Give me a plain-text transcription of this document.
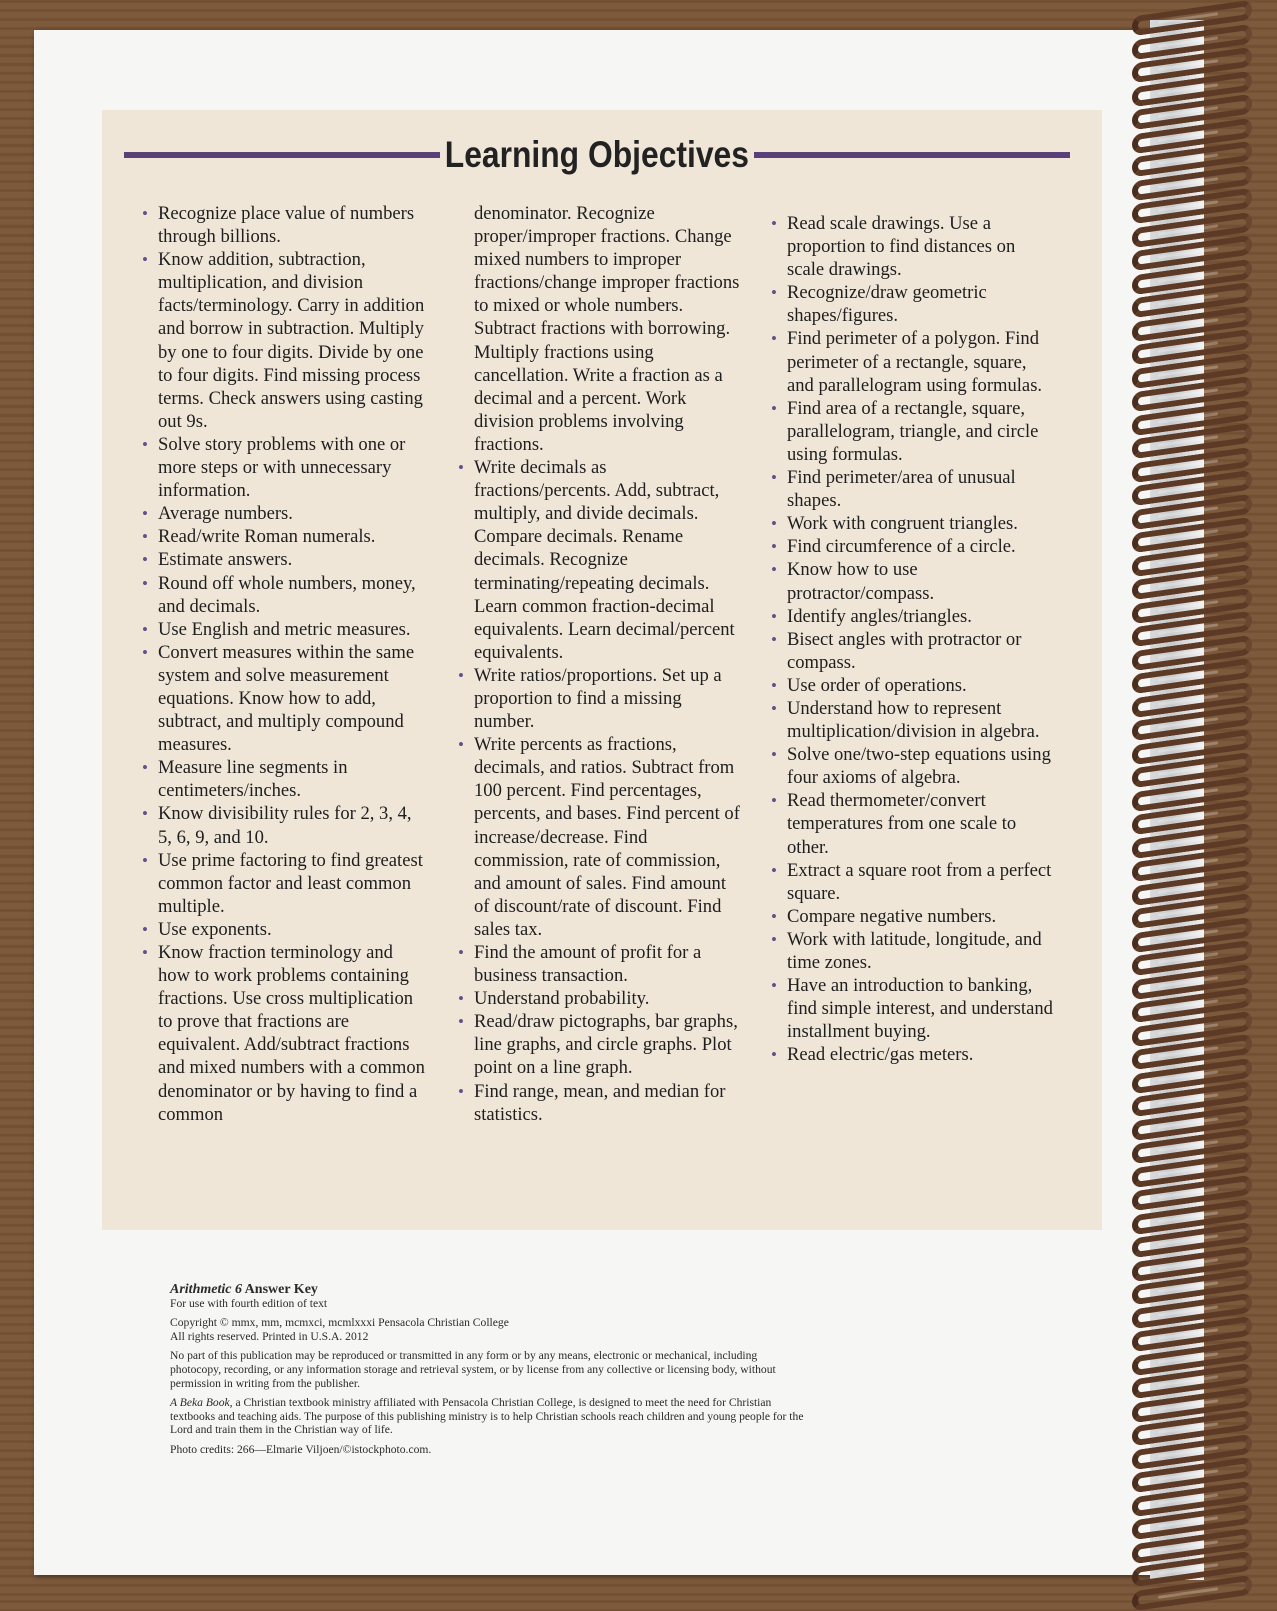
Learning Objectives
• Recognize place value of numbers through billions.
• Know addition, subtraction, multiplication, and division facts/terminology. Carry in addition and borrow in subtraction. Multiply by one to four digits. Divide by one to four digits. Find missing process terms. Check answers using casting out 9s.
• Solve story problems with one or more steps or with unnecessary information.
• Average numbers.
• Read/write Roman numerals.
• Estimate answers.
• Round off whole numbers, money, and decimals.
• Use English and metric measures.
• Convert measures within the same system and solve measurement equations. Know how to add, subtract, and multiply compound measures.
• Measure line segments in centimeters/inches.
• Know divisibility rules for 2, 3, 4, 5, 6, 9, and 10.
• Use prime factoring to find greatest common factor and least common multiple.
• Use exponents.
• Know fraction terminology and how to work problems containing fractions. Use cross multiplication to prove that fractions are equivalent. Add/subtract fractions and mixed numbers with a common denominator or by having to find a common
denominator. Recognize proper/improper fractions. Change mixed numbers to improper fractions/change improper fractions to mixed or whole numbers. Subtract fractions with borrowing. Multiply fractions using cancellation. Write a fraction as a decimal and a percent. Work division problems involving fractions.
• Write decimals as fractions/percents. Add, subtract, multiply, and divide decimals. Compare decimals. Rename decimals. Recognize terminating/repeating decimals. Learn common fraction-decimal equivalents. Learn decimal/percent equivalents.
• Write ratios/proportions. Set up a proportion to find a missing number.
• Write percents as fractions, decimals, and ratios. Subtract from 100 percent. Find percentages, percents, and bases. Find percent of increase/decrease. Find commission, rate of commission, and amount of sales. Find amount of discount/rate of discount. Find sales tax.
• Find the amount of profit for a business transaction.
• Understand probability.
• Read/draw pictographs, bar graphs, line graphs, and circle graphs. Plot point on a line graph.
• Find range, mean, and median for statistics.
• Read scale drawings. Use a proportion to find distances on scale drawings.
• Recognize/draw geometric shapes/figures.
• Find perimeter of a polygon. Find perimeter of a rectangle, square, and parallelogram using formulas.
• Find area of a rectangle, square, parallelogram, triangle, and circle using formulas.
• Find perimeter/area of unusual shapes.
• Work with congruent triangles.
• Find circumference of a circle.
• Know how to use protractor/compass.
• Identify angles/triangles.
• Bisect angles with protractor or compass.
• Use order of operations.
• Understand how to represent multiplication/division in algebra.
• Solve one/two-step equations using four axioms of algebra.
• Read thermometer/convert temperatures from one scale to other.
• Extract a square root from a perfect square.
• Compare negative numbers.
• Work with latitude, longitude, and time zones.
• Have an introduction to banking, find simple interest, and understand installment buying.
• Read electric/gas meters.
Arithmetic 6 Answer Key

For use with fourth edition of text

Copyright © mmx, mm, mcmxci, mcmlxxxi Pensacola Christian College

All rights reserved. Printed in U.S.A. 2012

No part of this publication may be reproduced or transmitted in any form or by any means, electronic or mechanical, including photocopy, recording, or any information storage and retrieval system, or by license from any collective or licensing body, without permission in writing from the publisher.

A Beka Book, a Christian textbook ministry affiliated with Pensacola Christian College, is designed to meet the need for Christian textbooks and teaching aids. The purpose of this publishing ministry is to help Christian schools reach children and young people for the Lord and train them in the Christian way of life.

Photo credits: 266—Elmarie Viljoen/©istockphoto.com.
